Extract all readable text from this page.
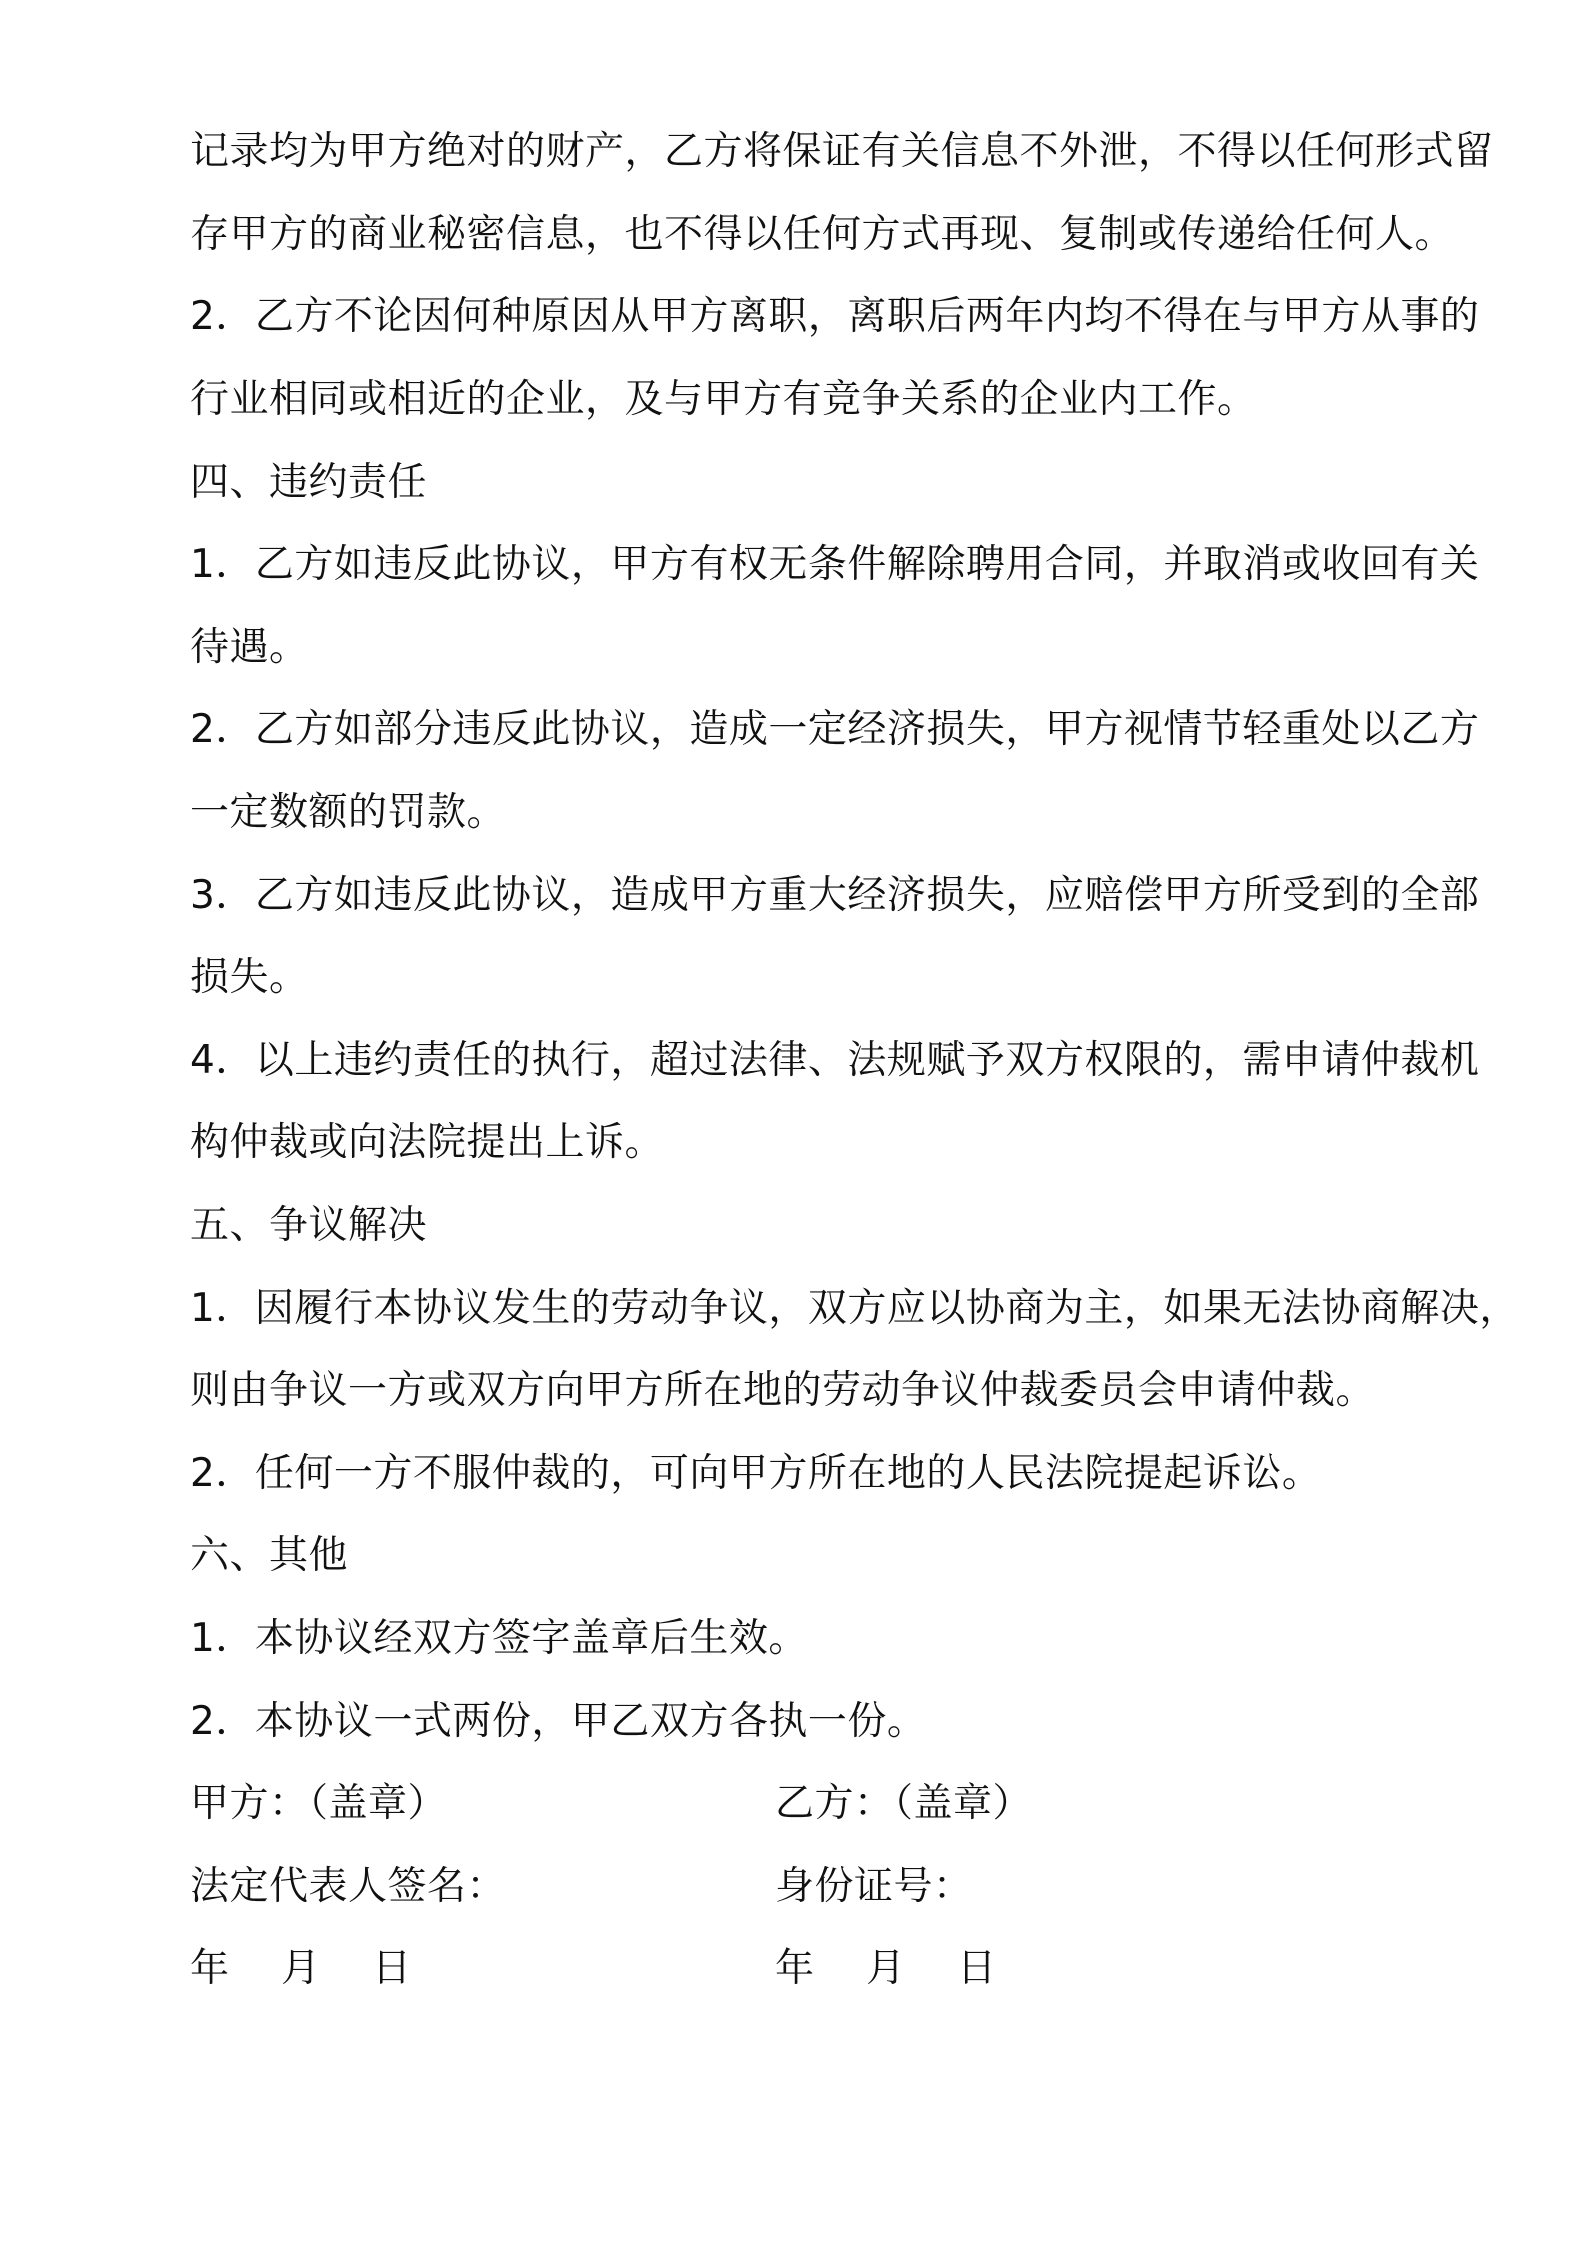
记录均为甲方绝对的财产，乙方将保证有关信息不外泄，不得以任何形式留
存甲方的商业秘密信息，也不得以任何方式再现、复制或传递给任何人。
2．乙方不论因何种原因从甲方离职，离职后两年内均不得在与甲方从事的
行业相同或相近的企业，及与甲方有竞争关系的企业内工作。
四、违约责任
1．乙方如违反此协议，甲方有权无条件解除聘用合同，并取消或收回有关
待遇。
2．乙方如部分违反此协议，造成一定经济损失，甲方视情节轻重处以乙方
一定数额的罚款。
3．乙方如违反此协议，造成甲方重大经济损失，应赔偿甲方所受到的全部
损失。
4．以上违约责任的执行，超过法律、法规赋予双方权限的，需申请仲裁机
构仲裁或向法院提出上诉。
五、争议解决
1．因履行本协议发生的劳动争议，双方应以协商为主，如果无法协商解决，
则由争议一方或双方向甲方所在地的劳动争议仲裁委员会申请仲裁。
2．任何一方不服仲裁的，可向甲方所在地的人民法院提起诉讼。
六、其他
1．本协议经双方签字盖章后生效。
2．本协议一式两份，甲乙双方各执一份。
甲方：（盖章）	乙方：（盖章）
法定代表人签名：	身份证号：
年    月    日	年    月    日
